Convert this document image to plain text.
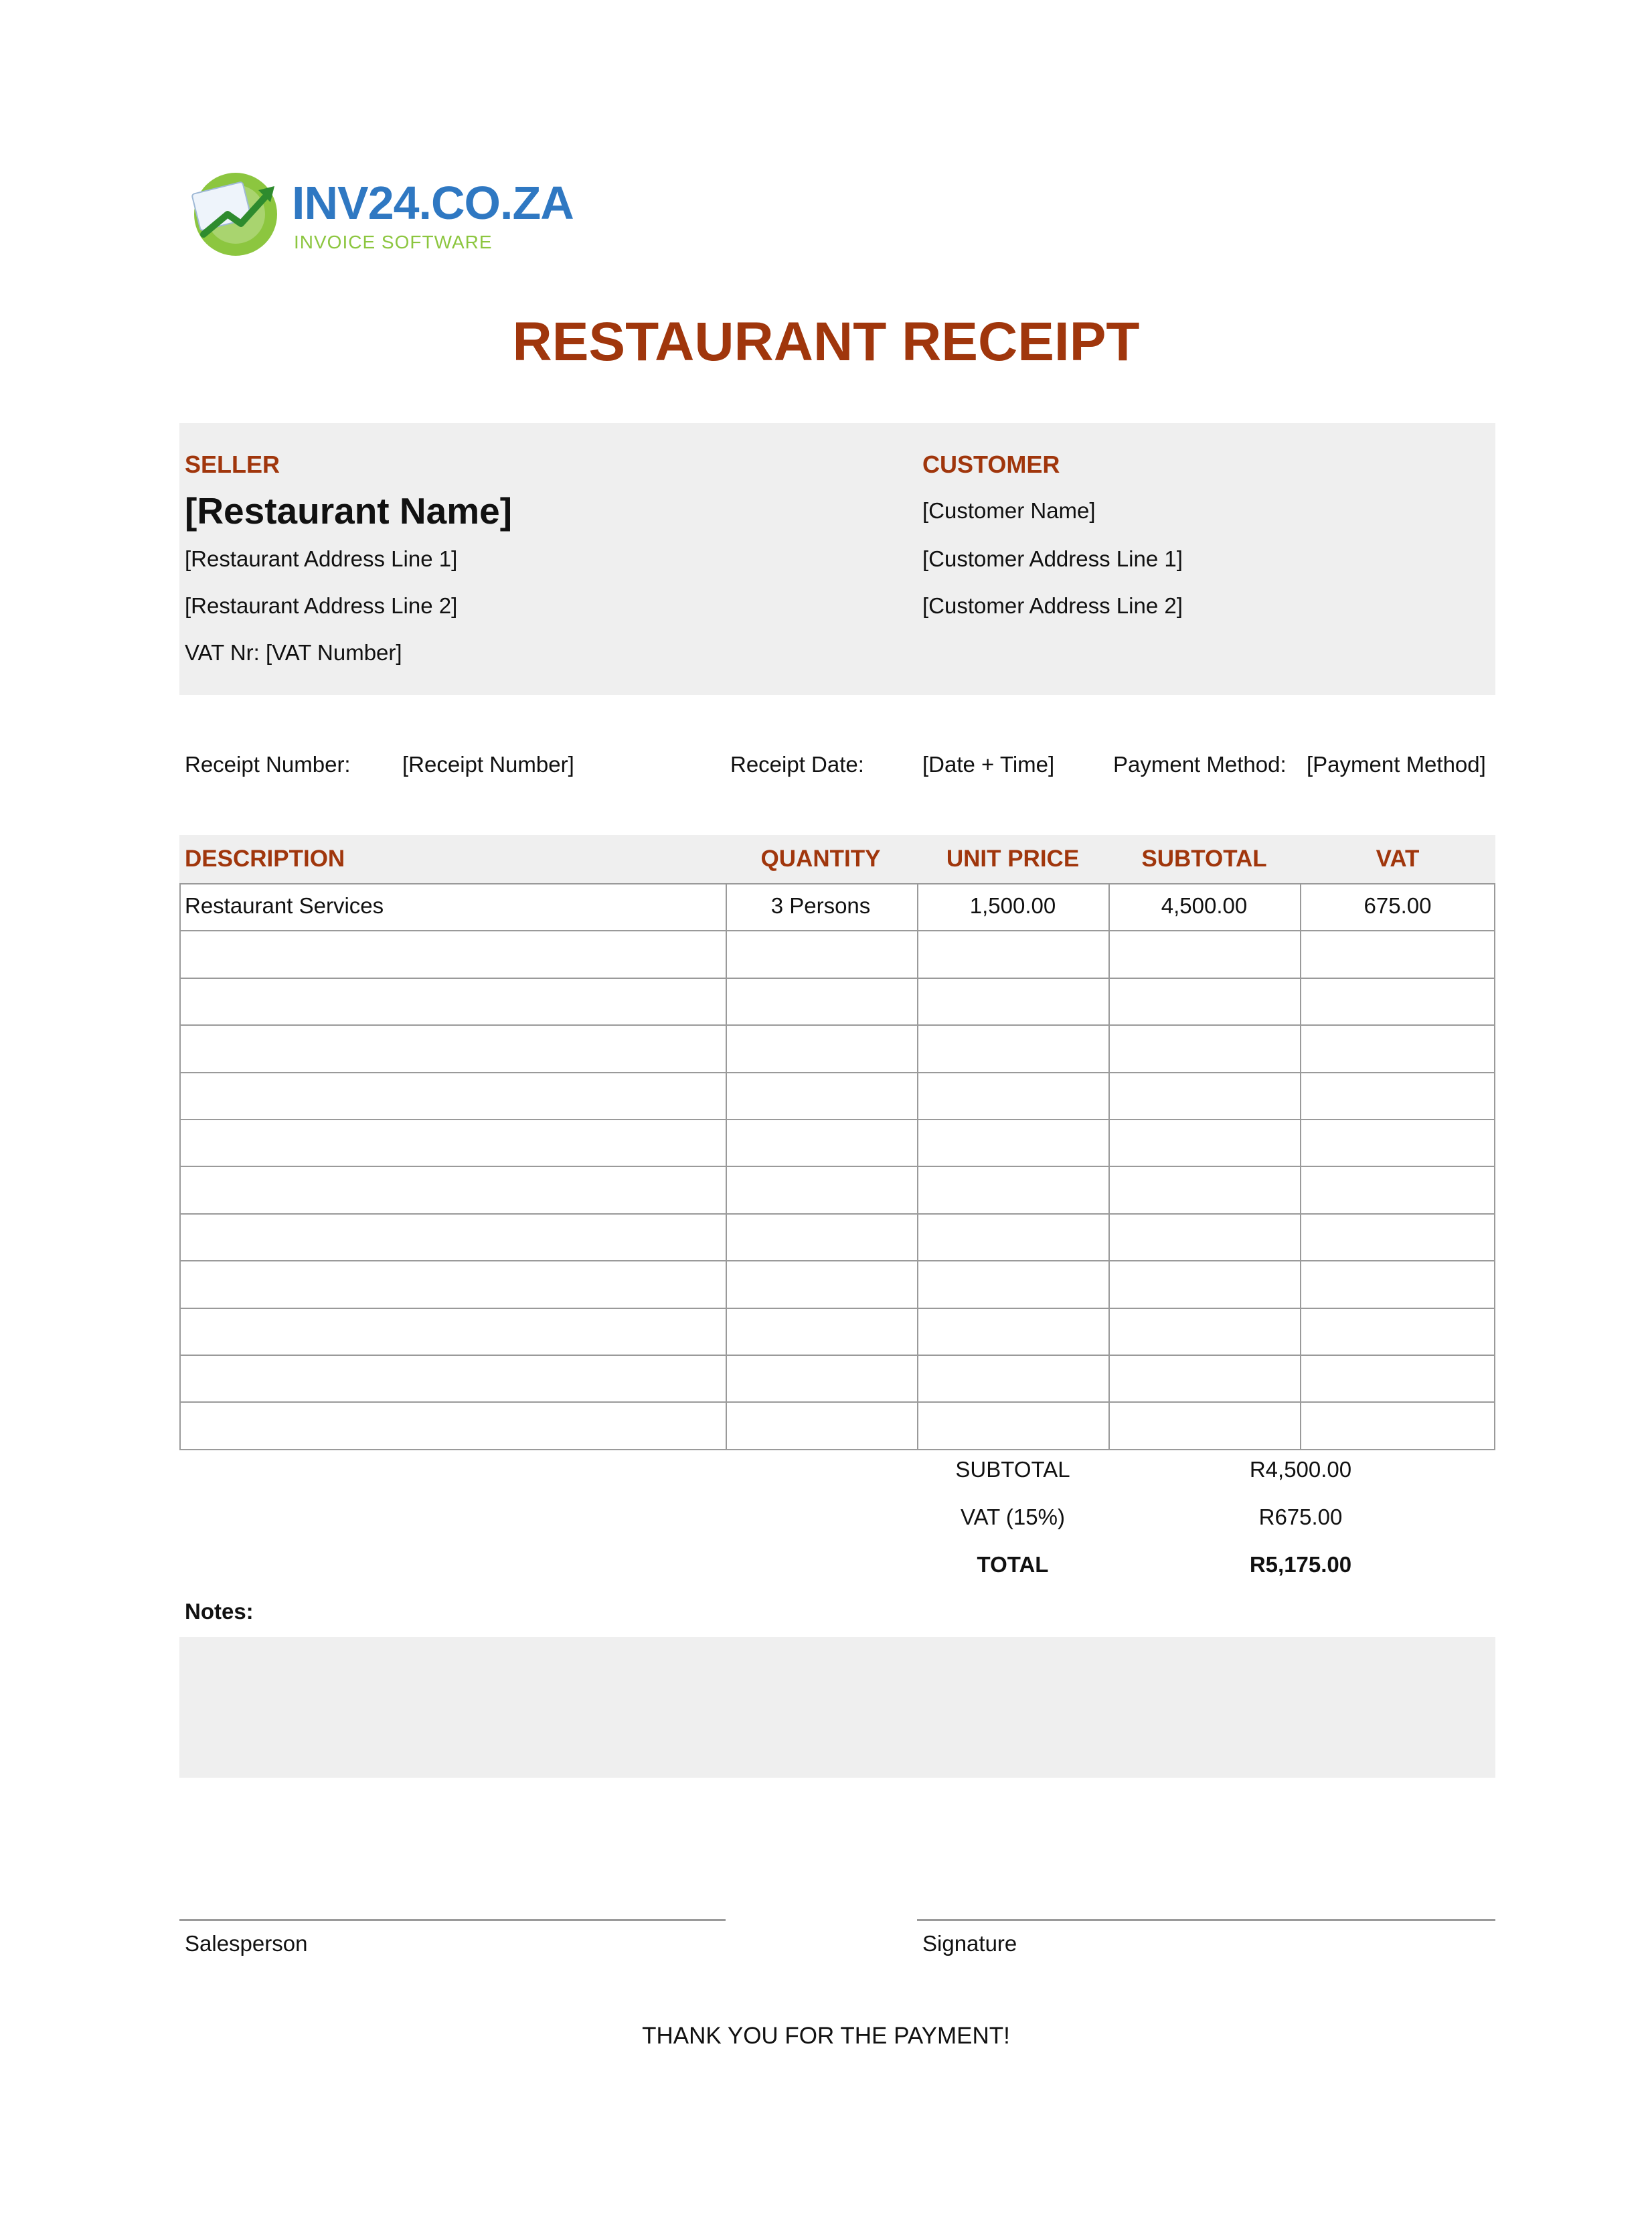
INV24.CO.ZA
INVOICE SOFTWARE
RESTAURANT RECEIPT
SELLER
[Restaurant Name]
[Restaurant Address Line 1]
[Restaurant Address Line 2]
VAT Nr: [VAT Number]
CUSTOMER
[Customer Name]
[Customer Address Line 1]
[Customer Address Line 2]
Receipt Number: [Receipt Number]	Receipt Date:	[Date + Time]	Payment Method: [Payment Method]
DESCRIPTION	QUANTITY	UNIT PRICE	SUBTOTAL	VAT
Restaurant Services	3 Persons	1,500.00	4,500.00	675.00
SUBTOTAL	R4,500.00
VAT (15%)	R675.00
TOTAL	R5,175.00
Notes:
Salesperson	Signature
THANK YOU FOR THE PAYMENT!
